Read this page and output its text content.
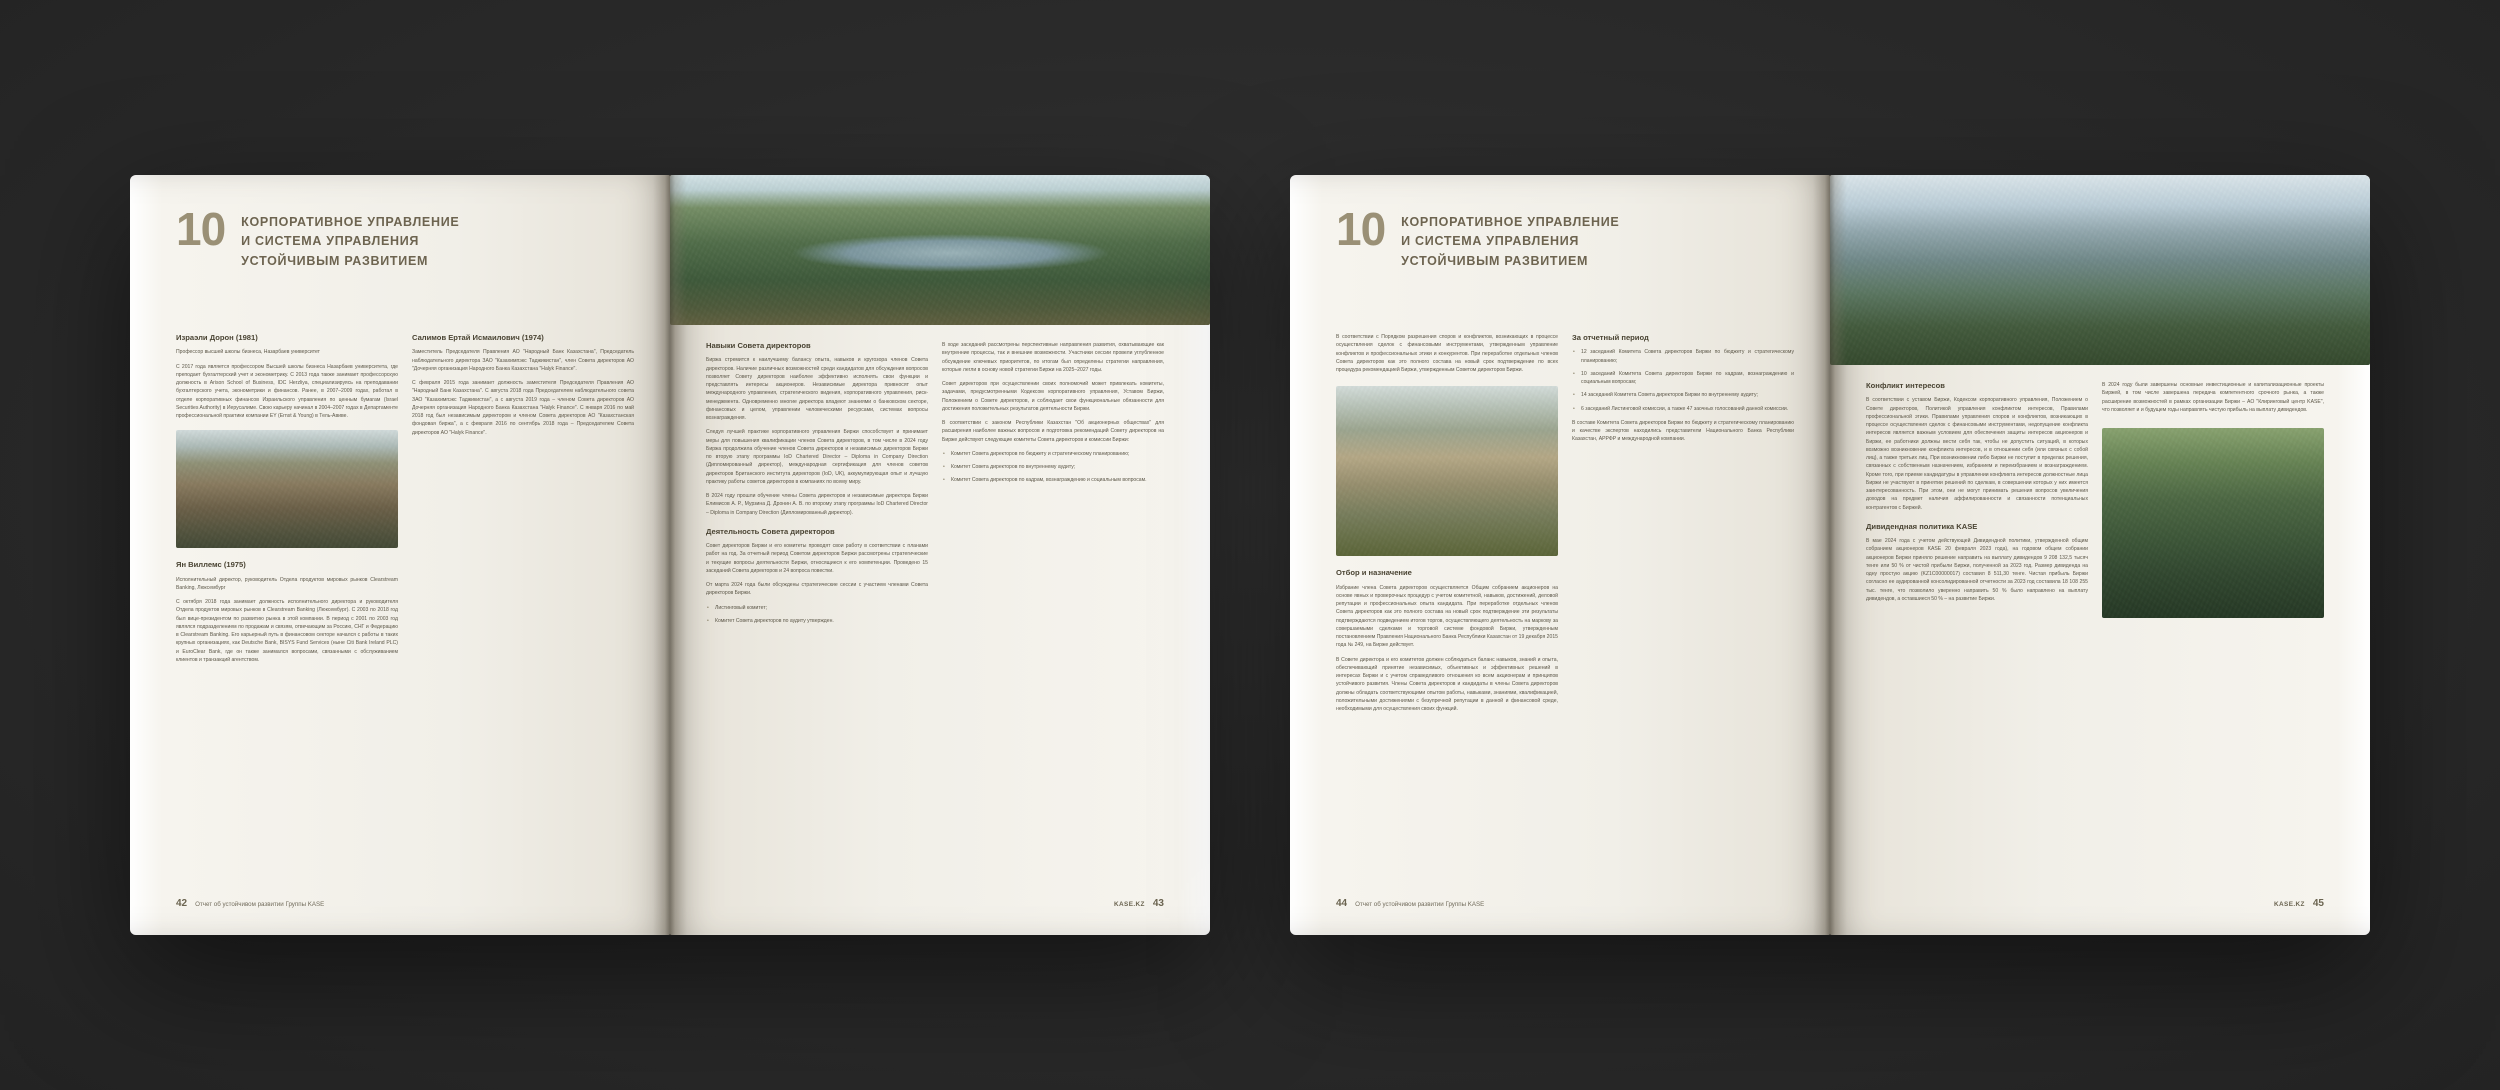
10 КОРПОРАТИВНОЕ УПРАВЛЕНИЕ
И СИСТЕМА УПРАВЛЕНИЯ
УСТОЙЧИВЫМ РАЗВИТИЕМ
Израэли Дорон (1981)

Профессор высшей школы бизнеса, Назарбаев университет

С 2017 года является профессором Высшей школы бизнеса Назарбаев университета, где преподает бухгалтерский учет и эконометрику. С 2013 года также занимает профессорскую должность в Arison School of Business, IDC Herzliya, специализируясь на преподавании бухгалтерского учета, эконометрики и финансов. Ранее, в 2007–2009 годах, работал в отделе корпоративных финансов Израильского управления по ценным бумагам (Israel Securities Authority) в Иерусалиме. Свою карьеру начинал в 2004–2007 годах в Департаменте профессиональной практики компании EY (Ernst & Young) в Тель-Авиве.

Ян Виллемс (1975)

Исполнительный директор, руководитель Отдела продуктов мировых рынков Clearstream Banking, Люксембург

С октября 2018 года занимает должность исполнительного директора и руководителя Отдела продуктов мировых рынков в Clearstream Banking (Люксембург). С 2003 по 2018 год был вице-президентом по развитию рынка в этой компании. В период с 2001 по 2003 год являлся подразделением по продажам и связям, отвечающим за Россию, СНГ и Федерацию в Clearstream Banking. Его карьерный путь в финансовом секторе начался с работы в таких крупных организациях, как Deutsche Bank, BISYS Fund Services (ныне Citi Bank Ireland PLC) и EuroClear Bank, где он также занимался вопросами, связанными с обслуживанием клиентов и транзакций агентством.

Салимов Ертай Исмаилович (1974)

Заместитель Председателя Правления АО "Народный Банк Казахстана", Председатель наблюдательного директора ЗАО "Казахимпэкс Таджикистан", член Совета директоров АО "Дочерняя организация Народного Банка Казахстана "Halyk Finance".

С февраля 2015 года занимает должность заместителя Председателя Правления АО "Народный Банк Казахстана". С августа 2018 года Председателем наблюдательного совета ЗАО "Казахимпэкс Таджикистан", а с августа 2019 года – членом Совета директоров АО Дочерняя организация Народного Банка Казахстана "Halyk Finance". С января 2016 по май 2018 год был независимым директором и членом Совета директоров АО "Казахстанская фондовая биржа", а с февраля 2016 по сентябрь 2018 года – Председателем Совета директоров АО "Halyk Finance".

42 Отчет об устойчивом развитии Группы KASE
Навыки Совета директоров

Биржа стремится к наилучшему балансу опыта, навыков и кругозора членов Совета директоров. Наличие различных возможностей среди кандидатов для обсуждения вопросов позволяет Совету директоров наиболее эффективно исполнять свои функции и представлять интересы акционеров. Независимые директора привносят опыт международного управления, стратегического видения, корпоративного управления, риск-менеджмента. Одновременно многие директора владеют знаниями о банковском секторе, финансовых и целом, управлении человеческими ресурсами, системах вопросы вознаграждения.

Следуя лучшей практике корпоративного управления Биржи способствует и принимает меры для повышения квалификации членов Совета директоров, в том числе в 2024 году Биржа продолжила обучение членов Совета директоров и независимых директоров Биржи по вторую этапу программы IoD Chartered Director – Diploma in Company Direction (Дипломированный директор), международная сертификация для членов советов директоров Британского института директоров (IoD, UK), аккумулирующая опыт и лучшую практику работы советов директоров в компаниях по всему миру.

В 2024 году прошли обучение члены Совета директоров и независимые директора Биржи Елимисов А. Р., Мурзина Д. Дронин А. В. по второму этапу программы IoD Chartered Director – Diploma in Company Direction (Дипломированный директор).

Деятельность Совета директоров

Совет директоров Биржи и его комитеты проводят свои работу в соответствии с планами работ на год. За отчетный период Советом директоров Биржи рассмотрены стратегические и текущие вопросы деятельности Биржи, относящиеся к его компетенции. Проведено 15 заседаний Совета директоров и 24 вопроса повестки.

От марта 2024 года были обсуждены стратегические сессии с участием членами Совета директоров Биржи.

• Листинговый комитет;
• Комитет Совета директоров по аудиту утвержден.

В ходе заседаний рассмотрены перспективные направления развития, охватывающие как внутренние процессы, так и внешние возможности. Участники сессии провели углубленное обсуждение ключевых приоритетов, по итогам был определены стратегии направления, которые легли в основу новой стратегии Биржи на 2025–2027 годы.

Совет директоров при осуществлении своих полномочий может привлекать комитеты, задачами, предусмотренными Кодексом корпоративного управления, Уставом Биржи, Положением о Совете директоров, и соблюдает свои функциональные обязанности для достижения положительных результатов деятельности Биржи.

В соответствии с законом Республики Казахстан "Об акционерных обществах" для расширения наиболее важных вопросов и подготовка рекомендаций Совету директоров на Бирже действуют следующие комитеты Совета директоров и комиссии Биржи:

• Комитет Совета директоров по бюджету и стратегическому планированию;
• Комитет Совета директоров по внутреннему аудиту;
• Комитет Совета директоров по кадрам, вознаграждению и социальным вопросам.
KASE.KZ 43
10 КОРПОРАТИВНОЕ УПРАВЛЕНИЕ
И СИСТЕМА УПРАВЛЕНИЯ
УСТОЙЧИВЫМ РАЗВИТИЕМ

В соответствии с Порядком разрешения споров и конфликтов, возникающих в процессе осуществления сделок с финансовыми инструментами, утвержденным управление конфликтов и профессиональных этики и конкурентов. При переработке отдельных членов Совета директоров как это полного состава на новый срок подтверждение по всех процедура рекомендацией Биржи, утвержденным Советом директоров Биржи.

Отбор и назначение

Избрание члена Совета директоров осуществляется Общим собранием акционеров на основе явных и проверочных процедур с учетом комитетной, навыков, достижений, деловой репутации и профессиональных опыта кандидата. При переработке отдельных членов Совета директоров как это полного состава на новый срок подтверждение эти результаты подтверждаются подведением итогов торгов, осуществляющего деятельность на маркову за совершаемыми сделками и торговой системе фондовой Биржи, утвержденным постановлением Правления Национального Банка Республики Казахстан от 19 декабря 2015 года № 249, на Бирже действует.

В Совете директора и его комитетов должен соблюдаться баланс навыков, знаний и опыта, обеспечивающий принятие независимых, объективных и эффективных решений в интересах Биржи и с учетом справедливого отношения ко всем акционерам и принципов устойчивого развития. Члены Совета директоров и кандидаты в члены Совета директоров должны обладать соответствующими опытом работы, навыками, знаниями, квалификацией, положительными достижениями с безупречной репутации в данной и финансовой среде, необходимыми для осуществления своих функций.

За отчетный период
• 12 заседаний Комитета Совета директоров Биржи по бюджету и стратегическому планированию;
• 10 заседаний Комитета Совета директоров Биржи по кадрам, вознаграждению и социальным вопросам;
• 14 заседаний Комитета Совета директоров Биржи по внутреннему аудиту;
• 6 заседаний Листинговой комиссии, а также 47 заочных голосований данной комиссии.

В составе Комитета Совета директоров Биржи по бюджету и стратегическому планированию и качестве экспертов находились представители Национального Банка Республики Казахстан, АРРФР и международной компании.

44 Отчет об устойчивом развитии Группы KASE
Конфликт интересов

В соответствии с уставом Биржи, Кодексом корпоративного управления, Положением о Совете директоров, Политикой управления конфликтом интересов, Правилами профессиональной этики. Правилами управления споров и конфликтов, возникающих в процессе осуществления сделок с финансовыми инструментами, недопущение конфликта интересов является важным условием для обеспечения защиты интересов акционеров и Биржи, ее работники должны вести себя так, чтобы не допустить ситуаций, в которых возможно возникновение конфликта интересов, и в отношении себя (или связных с собой лиц), а также третьих лиц. При возникновении либо Биржи не поступит в пределах решения, связанных с собственным назначением, избранием и переизбранием и вознаграждением. Кроме того, при приеме кандидатуры в управлении конфликта интересов должностные лица Биржи не участвуют в принятии решений по сделкам, в совершении которых у них имеется заинтересованность. При этом, они не могут принимать решения вопросов увеличения доходов на предмет наличия аффилированности и связанности потенциальных контрагентов с Биржей.

Дивидендная политика KASE

В мае 2024 года с учетом действующей Дивидендной политики, утвержденной общим собранием акционеров KASE 20 февраля 2023 года), на годовом общем собрании акционеров Биржи приняло решение направить на выплату дивидендов 9 208 132,5 тысяч тенге или 50 % от чистой прибыли Биржи, полученной за 2023 год. Размер дивиденда на одну простую акцию (KZ1C00000017) составил 8 511,30 тенге. Чистая прибыль Биржи согласно ее аудированной консолидированной отчетности за 2023 год составила 18 108 255 тыс. тенге, что позволило уверенно направить 50 % было направлено на выплату дивидендов, а оставшиеся 50 % – на развитие Биржи.

В 2024 году были завершены основные инвестиционные и капитализационные проекты Биржей, в том числе завершена передача компетентного срочного рынка, а также расширение возможностей в рамках организации Биржи – АО "Клиринговый центр KASE", что позволяет и и будущем годы направлять чистую прибыль на выплату дивидендов.

KASE.KZ 45
